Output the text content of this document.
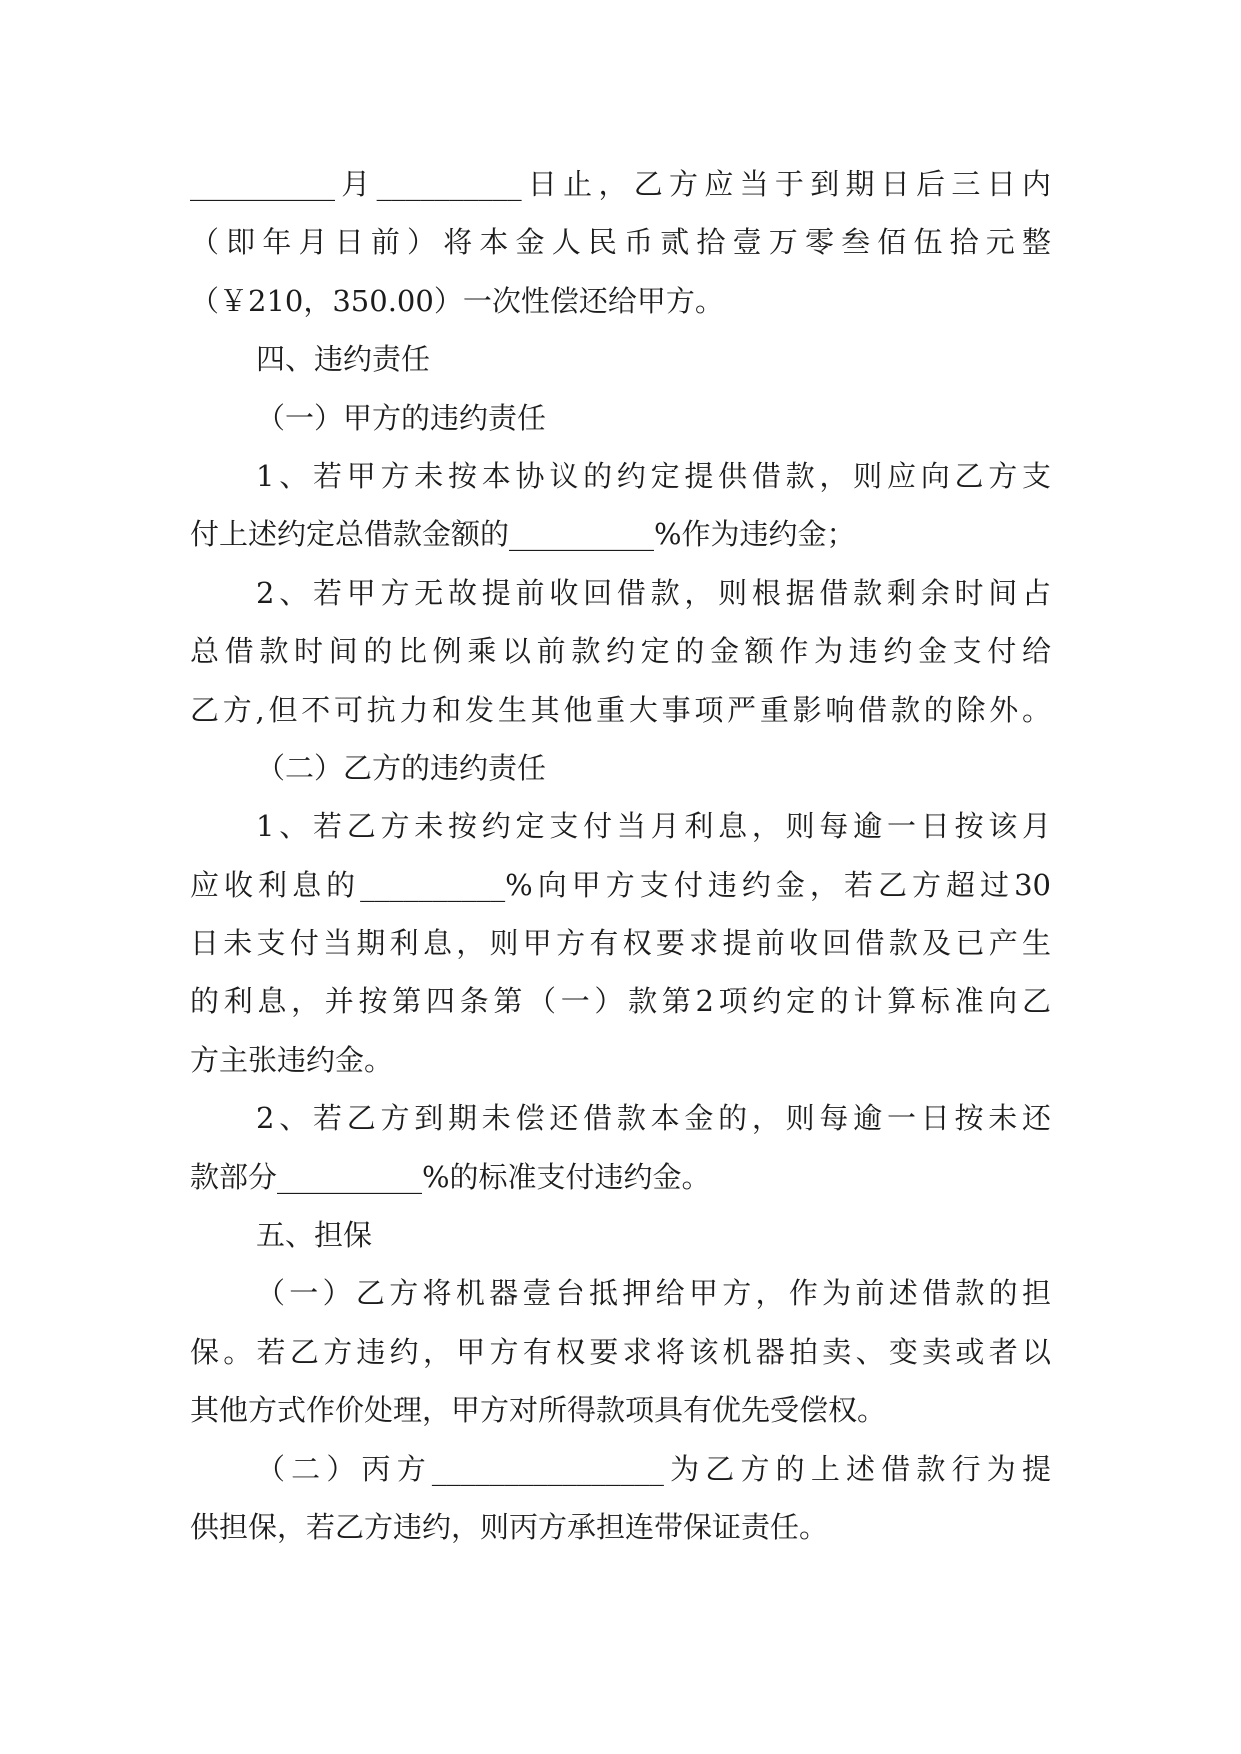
__________月__________日止，乙方应当于到期日后三日内
（即年月日前）将本金人民币贰拾壹万零叁佰伍拾元整
（￥210，350.00）一次性偿还给甲方。
四、违约责任
（一）甲方的违约责任
1、若甲方未按本协议的约定提供借款，则应向乙方支
付上述约定总借款金额的__________%作为违约金；
2、若甲方无故提前收回借款，则根据借款剩余时间占
总借款时间的比例乘以前款约定的金额作为违约金支付给
乙方,但不可抗力和发生其他重大事项严重影响借款的除外。
（二）乙方的违约责任
1、若乙方未按约定支付当月利息，则每逾一日按该月
应收利息的__________%向甲方支付违约金，若乙方超过30
日未支付当期利息，则甲方有权要求提前收回借款及已产生
的利息，并按第四条第（一）款第2项约定的计算标准向乙
方主张违约金。
2、若乙方到期未偿还借款本金的，则每逾一日按未还
款部分__________%的标准支付违约金。
五、担保
（一）乙方将机器壹台抵押给甲方，作为前述借款的担
保。若乙方违约，甲方有权要求将该机器拍卖、变卖或者以
其他方式作价处理，甲方对所得款项具有优先受偿权。
（二）丙方________________为乙方的上述借款行为提
供担保，若乙方违约，则丙方承担连带保证责任。
